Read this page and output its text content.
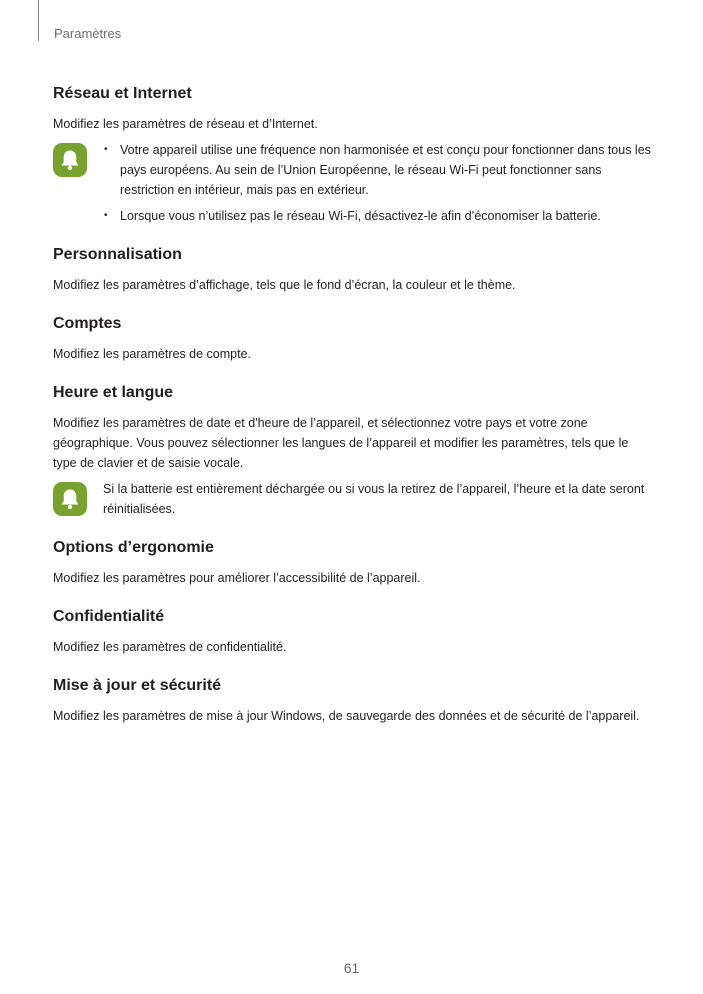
Paramètres
Réseau et Internet

Modifiez les paramètres de réseau et d’Internet.

• Votre appareil utilise une fréquence non harmonisée et est conçu pour fonctionner dans tous les pays européens. Au sein de l’Union Européenne, le réseau Wi-Fi peut fonctionner sans restriction en intérieur, mais pas en extérieur.
• Lorsque vous n’utilisez pas le réseau Wi-Fi, désactivez-le afin d’économiser la batterie.
Personnalisation

Modifiez les paramètres d’affichage, tels que le fond d’écran, la couleur et le thème.

Comptes

Modifiez les paramètres de compte.

Heure et langue

Modifiez les paramètres de date et d'heure de l’appareil, et sélectionnez votre pays et votre zone géographique. Vous pouvez sélectionner les langues de l’appareil et modifier les paramètres, tels que le type de clavier et de saisie vocale.

Si la batterie est entièrement déchargée ou si vous la retirez de l’appareil, l’heure et la date seront réinitialisées.

Options d’ergonomie

Modifiez les paramètres pour améliorer l’accessibilité de l’appareil.

Confidentialité

Modifiez les paramètres de confidentialité.

Mise à jour et sécurité

Modifiez les paramètres de mise à jour Windows, de sauvegarde des données et de sécurité de l’appareil.

61
